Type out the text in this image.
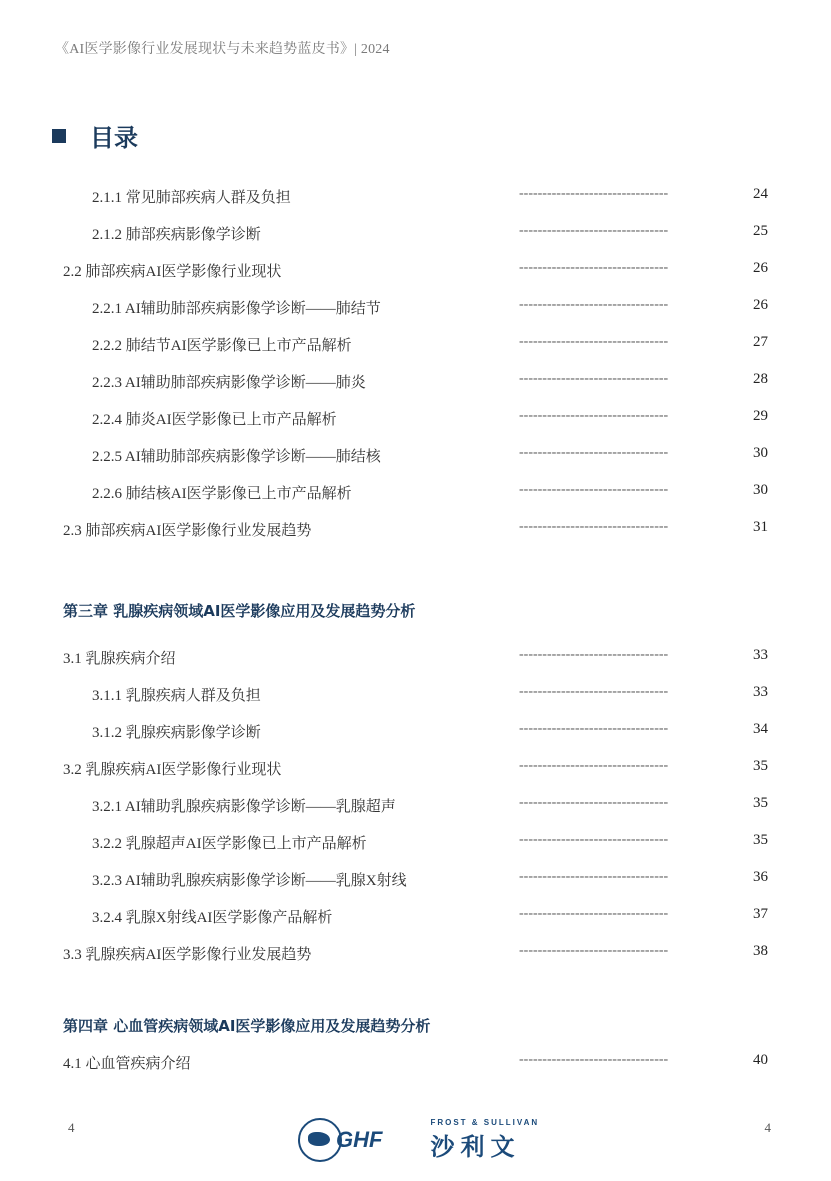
《AI医学影像行业发展现状与未来趋势蓝皮书》| 2024
目录
2.1.1 常见肺部疾病人群及负担	--------------------------------	24
2.1.2 肺部疾病影像学诊断	--------------------------------	25
2.2 肺部疾病AI医学影像行业现状	--------------------------------	26
2.2.1 AI辅助肺部疾病影像学诊断——肺结节	--------------------------------	26
2.2.2 肺结节AI医学影像已上市产品解析	--------------------------------	27
2.2.3 AI辅助肺部疾病影像学诊断——肺炎	--------------------------------	28
2.2.4 肺炎AI医学影像已上市产品解析	--------------------------------	29
2.2.5 AI辅助肺部疾病影像学诊断——肺结核	--------------------------------	30
2.2.6 肺结核AI医学影像已上市产品解析	--------------------------------	30
2.3 肺部疾病AI医学影像行业发展趋势	--------------------------------	31
第三章 乳腺疾病领域AI医学影像应用及发展趋势分析
3.1 乳腺疾病介绍	--------------------------------	33
3.1.1 乳腺疾病人群及负担	--------------------------------	33
3.1.2 乳腺疾病影像学诊断	--------------------------------	34
3.2 乳腺疾病AI医学影像行业现状	--------------------------------	35
3.2.1 AI辅助乳腺疾病影像学诊断——乳腺超声	--------------------------------	35
3.2.2 乳腺超声AI医学影像已上市产品解析	--------------------------------	35
3.2.3 AI辅助乳腺疾病影像学诊断——乳腺X射线	--------------------------------	36
3.2.4 乳腺X射线AI医学影像产品解析	--------------------------------	37
3.3 乳腺疾病AI医学影像行业发展趋势	--------------------------------	38
第四章 心血管疾病领域AI医学影像应用及发展趋势分析
4.1 心血管疾病介绍	--------------------------------	40
4	4
GHF
FROST & SULLIVAN
沙利文
